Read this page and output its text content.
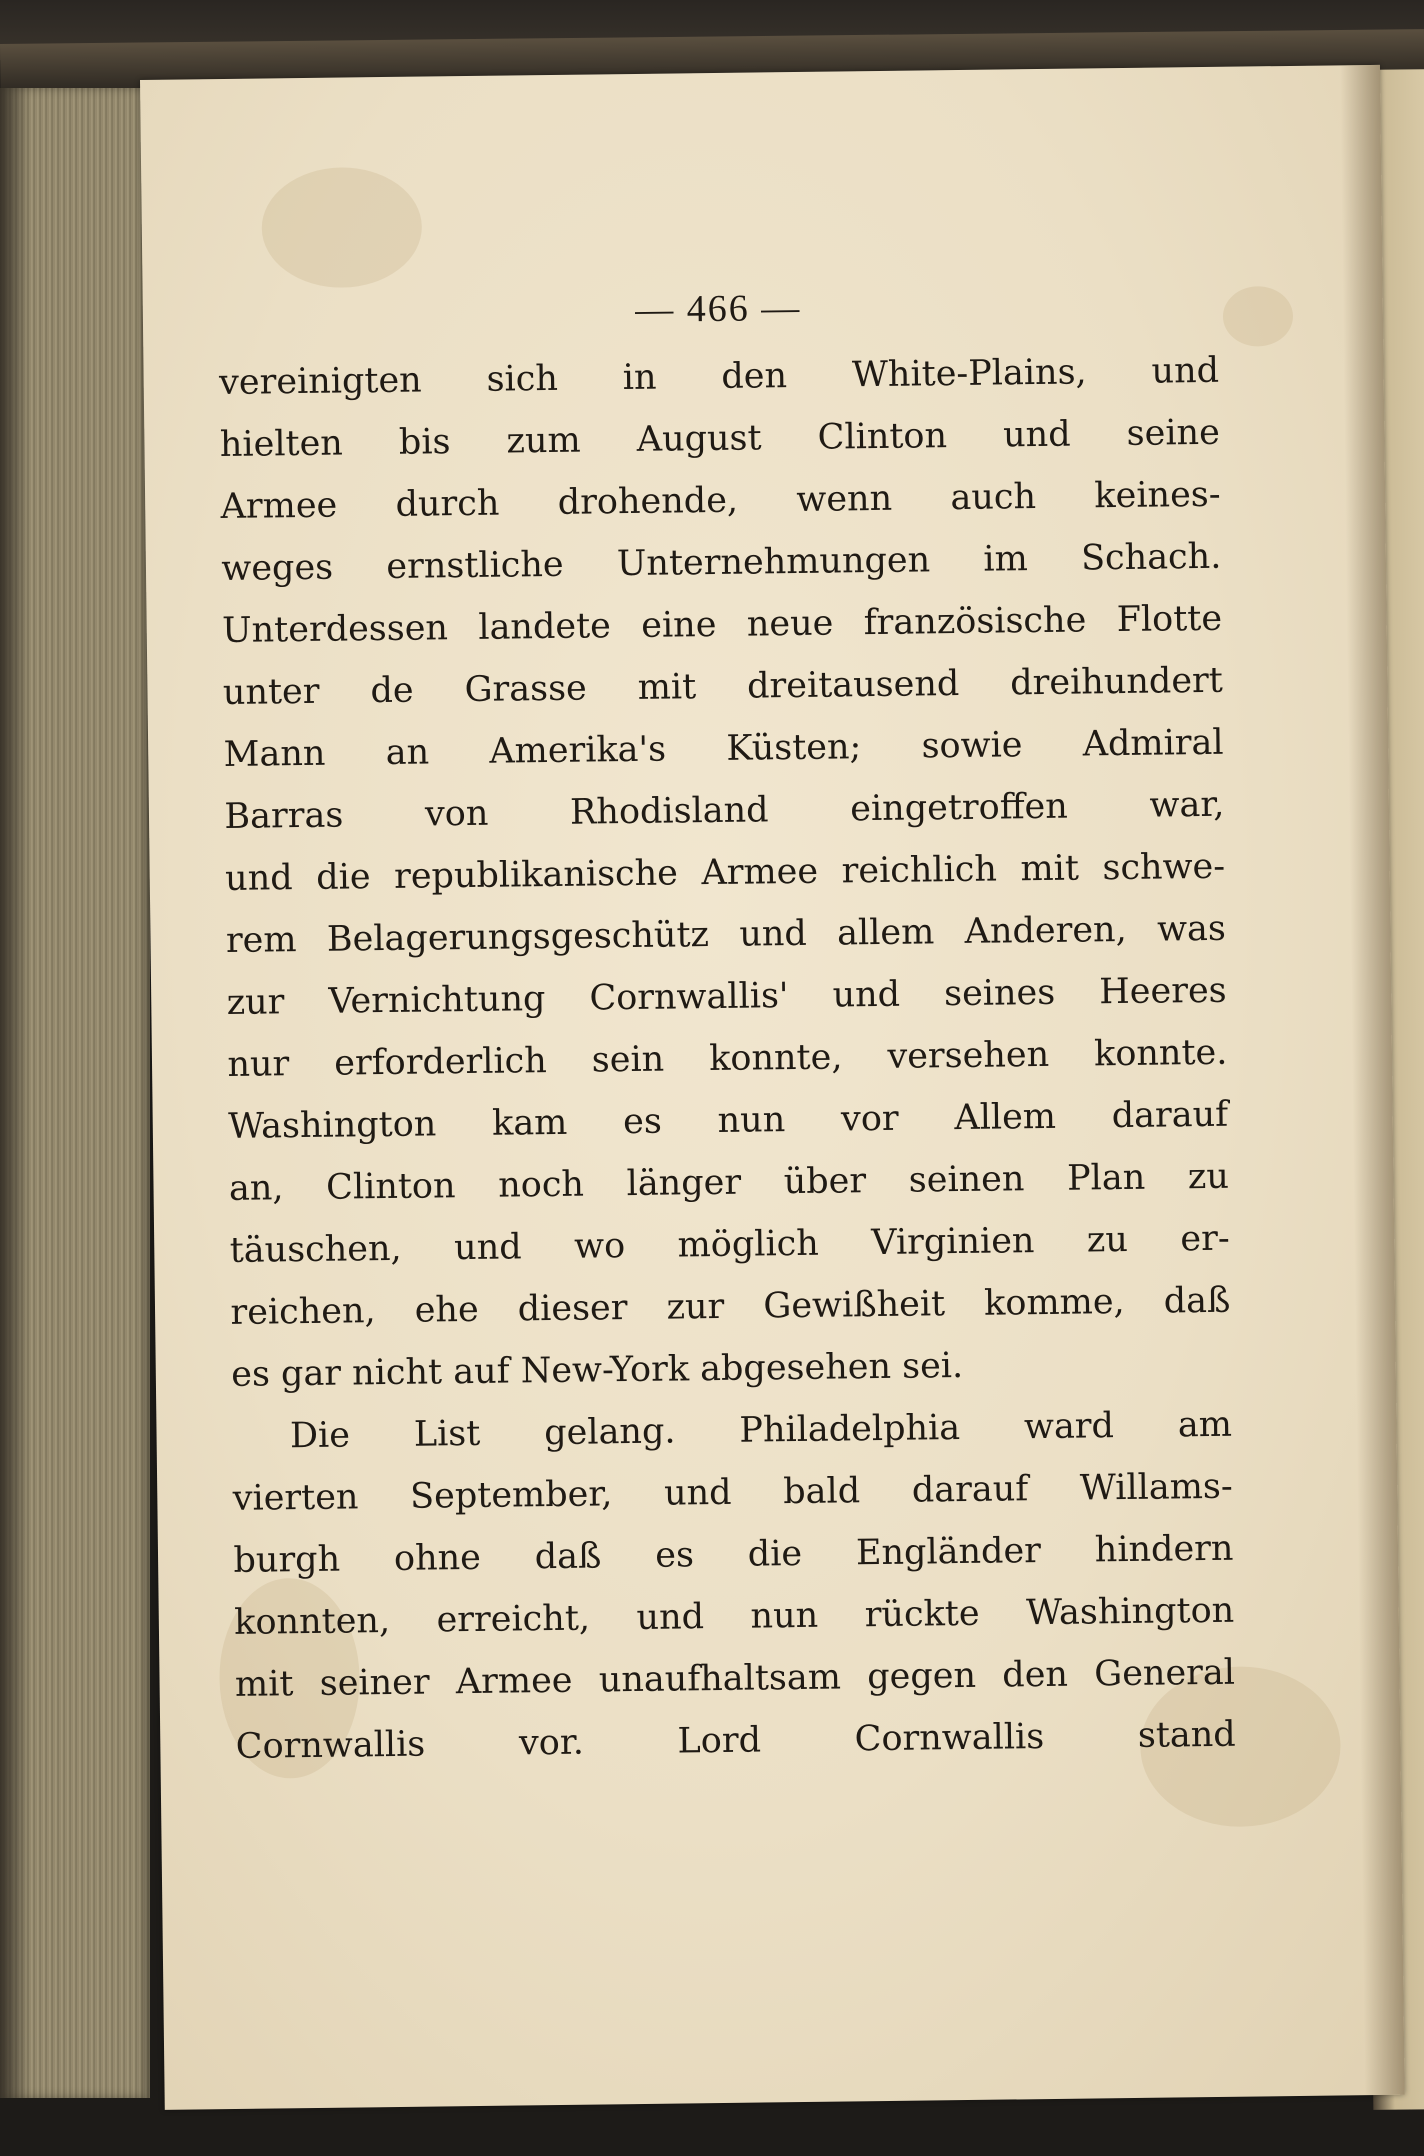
— 466 —
vereinigten sich in den White-Plains, und
hielten bis zum August Clinton und seine
Armee durch drohende, wenn auch keines-
weges ernstliche Unternehmungen im Schach.
Unterdessen landete eine neue französische Flotte
unter de Grasse mit dreitausend dreihundert
Mann an Amerika's Küsten; sowie Admiral
Barras von Rhodisland eingetroffen war,
und die republikanische Armee reichlich mit schwe-
rem Belagerungsgeschütz und allem Anderen, was
zur Vernichtung Cornwallis' und seines Heeres
nur erforderlich sein konnte, versehen konnte.
Washington kam es nun vor Allem darauf
an, Clinton noch länger über seinen Plan zu
täuschen, und wo möglich Virginien zu er-
reichen, ehe dieser zur Gewißheit komme, daß
es gar nicht auf New-York abgesehen sei.
Die List gelang. Philadelphia ward am
vierten September, und bald darauf Willams-
burgh ohne daß es die Engländer hindern
konnten, erreicht, und nun rückte Washington
mit seiner Armee unaufhaltsam gegen den General
Cornwallis vor. Lord Cornwallis stand
